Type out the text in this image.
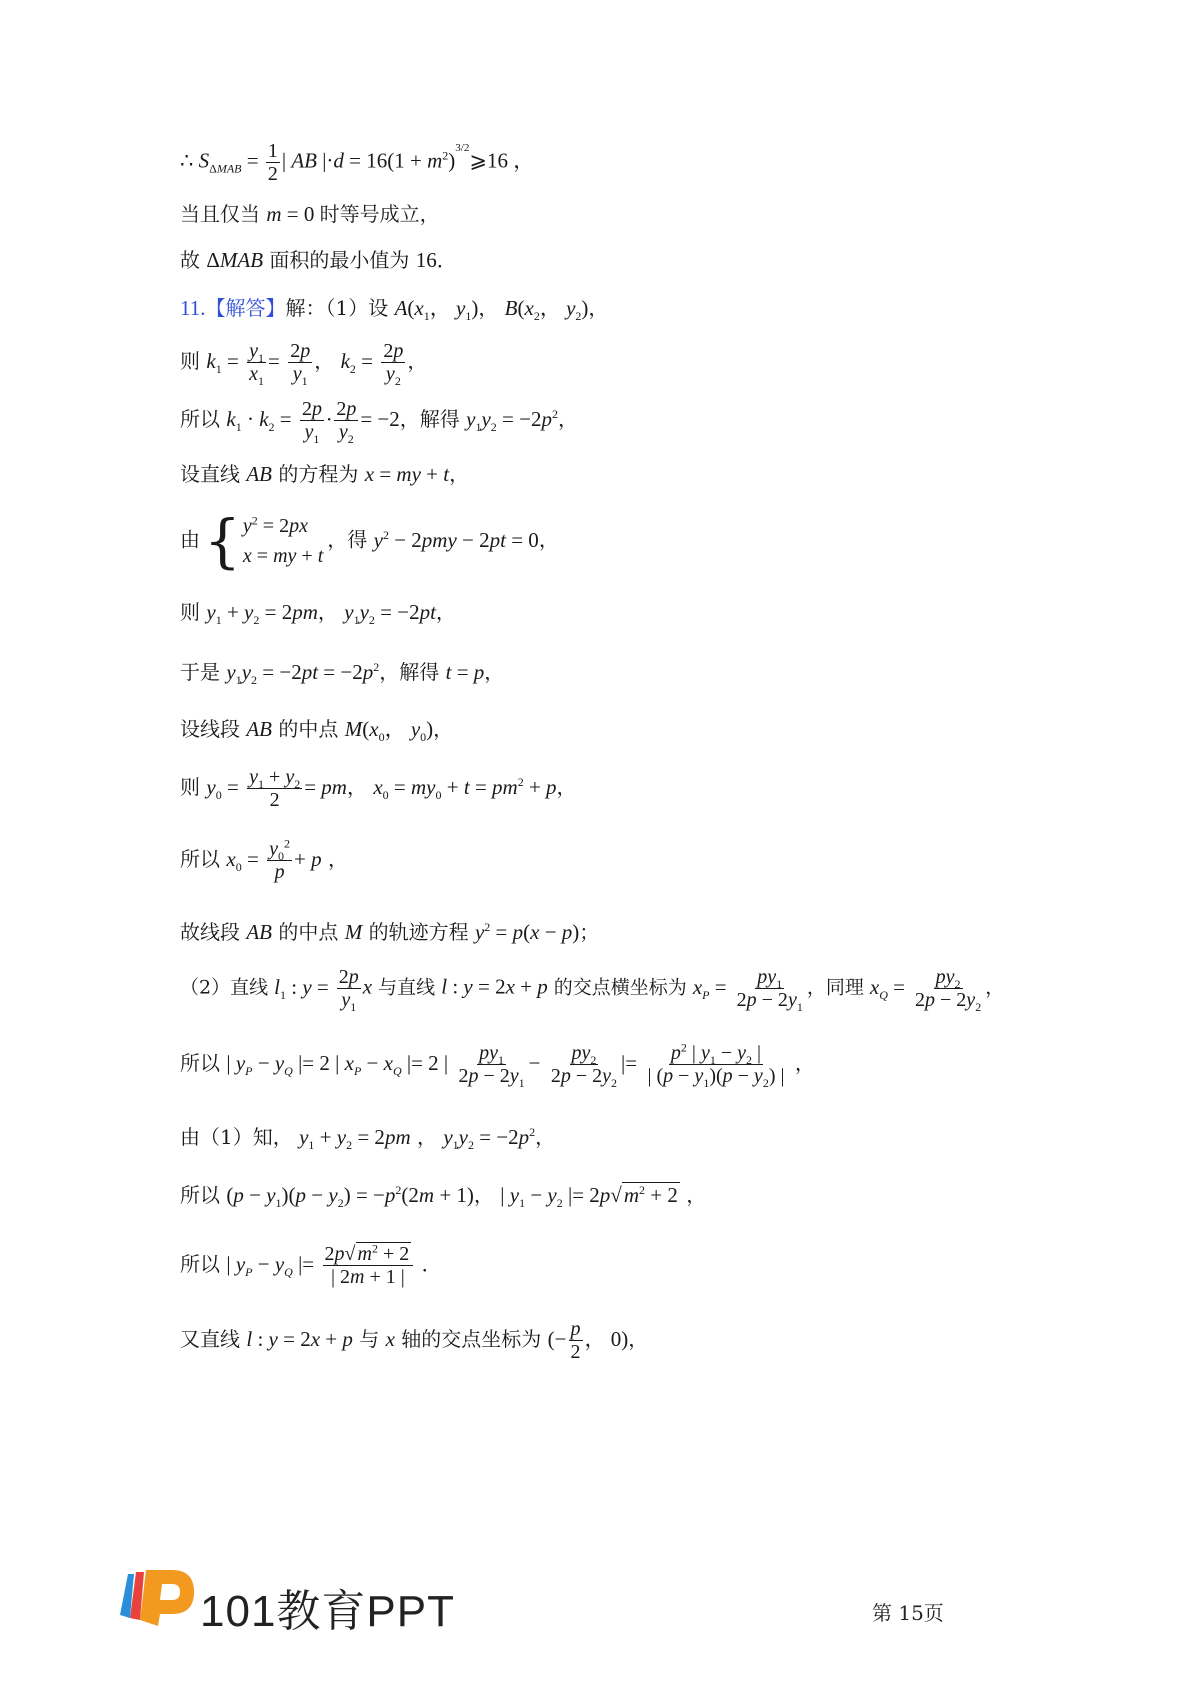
∴ $S_{\Delta MAB} = \frac{1}{2}$ | AB $|\cdot d = 16(1 + m^2)^{3/2}⩾16$ ，
当且仅当 m = 0 时等号成立，
故 ΔMAB 面积的最小值为 16．
11.【解答】解：（1）设 $A(x_1$， $y_1$)， $B(x_2$， $y_2$)，
则 $k_1 = \frac{y_1}{x_1} = \frac{2p}{y_1}$ ， $k_2 = \frac{2p}{y_2}$ ，
所以 $k_1 \cdot k_2 = \frac{2p}{y_1} \cdot \frac{2p}{y_2} = -2$，解得 $y_1y_2 = -2p^2$，
设直线 AB 的方程为 x = my + t，
由 { $y^2 = 2px$
x = my + t
，得 $y^2 - 2pmy - 2pt = 0$，
则 $y_1 + y_2 = 2pm$， $y_1y_2 = -2pt$，
于是 $y_1y_2 = -2pt = -2p^2$，解得 t = p，
设线段 AB 的中点 $M(x_0$， $y_0$)，
则 $y_0 = \frac{y_1 + y_2}{2}$ = pm， $x_0 = my_0 + t = pm^2 + p$，
所以 $x_0 = \frac{y_0^2}{p} + p$ ，
故线段 AB 的中点 M 的轨迹方程 $y^2 = p(x - p)$；
（2）直线 $l_1$ : $y = \frac{2p}{y_1}$ x 与直线 l : y = 2x + p 的交点横坐标为 $x_P = \frac{py_1}{2p - 2y_1}$ ，同理 $x_Q = \frac{py_2}{2p - 2y_2}$ ，
所以 | $y_P - y_Q$ |= 2 | $x_P - x_Q$ |= 2 | $\frac{py_1}{2p - 2y_1} - \frac{py_2}{2p - 2y_2}$ |= $\frac{p^2 | y_1 - y_2 |}{| (p - y_1)(p - y_2) |}$ ，
由（1）知， $y_1 + y_2 = 2pm$ ， $y_1y_2 = -2p^2$，
所以 $(p - y_1)(p - y_2) = -p^2(2m + 1)$， | $y_1 - y_2$ |= $2p√m^2 + 2$ ，
所以 | $y_P - y_Q$ |= $\frac{2p√ m^2 + 2}{| 2m + 1 |}$ ．
又直线 l : y = 2x + p 与 x 轴的交点坐标为 (− $\frac{p}{2}$ ， 0)，
101教育PPT	第 15页
